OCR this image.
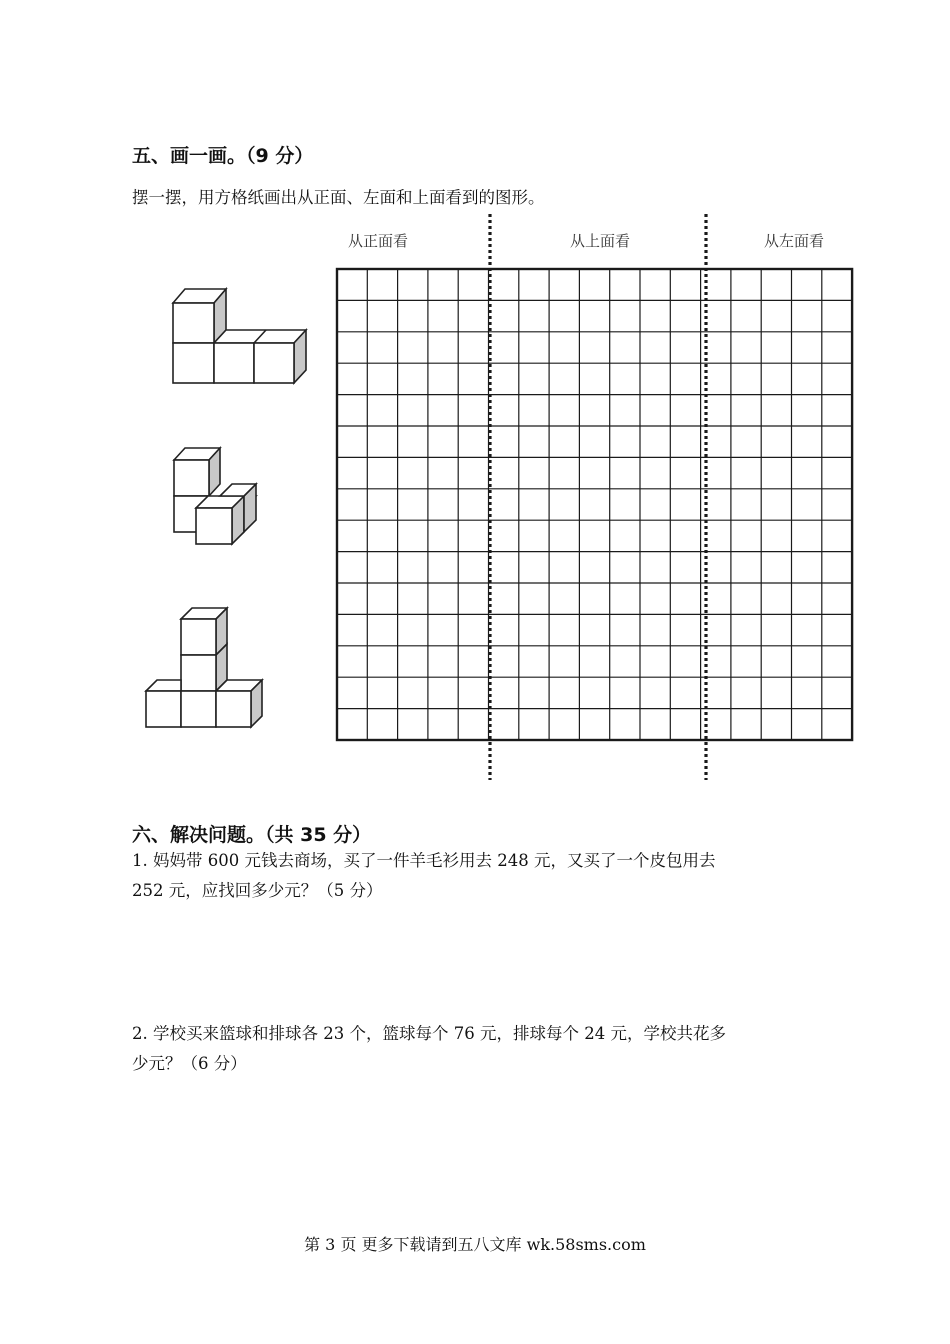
五、画一画。（9 分）
摆一摆，用方格纸画出从正面、左面和上面看到的图形。
从正面看	从上面看	从左面看
六、解决问题。（共 35 分）
1. 妈妈带 600 元钱去商场，买了一件羊毛衫用去 248 元，又买了一个皮包用去
252 元，应找回多少元？（5 分）
2. 学校买来篮球和排球各 23 个，篮球每个 76 元，排球每个 24 元，学校共花多
少元？（6 分）
第 3 页 更多下载请到五八文库 wk.58sms.com
